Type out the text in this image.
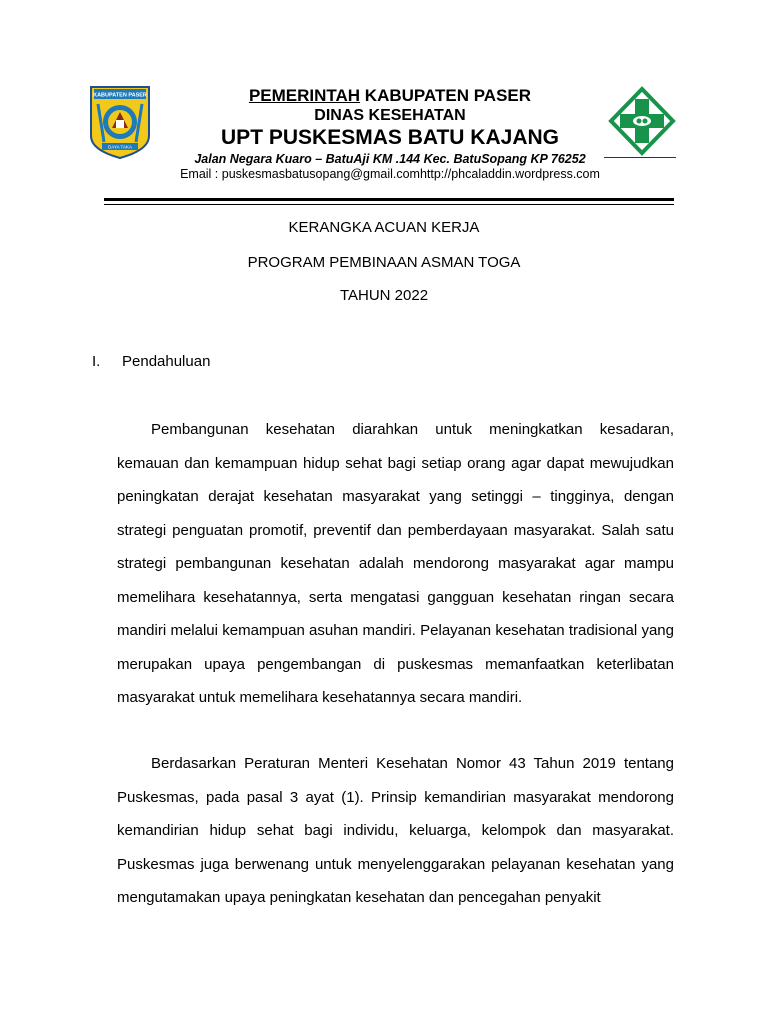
KABUPATEN PASER
DAYA TAKA
PEMERINTAH KABUPATEN PASER
DINAS KESEHATAN
UPT PUSKESMAS BATU KAJANG
Jalan Negara Kuaro – BatuAji KM .144 Kec. BatuSopang KP 76252
Email : puskesmasbatusopang@gmail.comhttp://phcaladdin.wordpress.com
KERANGKA ACUAN KERJA
PROGRAM PEMBINAAN ASMAN TOGA
TAHUN 2022
I. Pendahuluan

Pembangunan kesehatan diarahkan untuk meningkatkan kesadaran, kemauan dan kemampuan hidup sehat bagi setiap orang agar dapat mewujudkan peningkatan derajat kesehatan masyarakat yang setinggi – tingginya, dengan strategi penguatan promotif, preventif dan pemberdayaan masyarakat. Salah satu strategi pembangunan kesehatan adalah mendorong masyarakat agar mampu memelihara kesehatannya, serta mengatasi gangguan kesehatan ringan secara mandiri melalui kemampuan asuhan mandiri. Pelayanan kesehatan tradisional yang merupakan upaya pengembangan di puskesmas memanfaatkan keterlibatan masyarakat untuk memelihara kesehatannya secara mandiri.

Berdasarkan Peraturan Menteri Kesehatan Nomor 43 Tahun 2019 tentang Puskesmas, pada pasal 3 ayat (1). Prinsip kemandirian masyarakat mendorong kemandirian hidup sehat bagi individu, keluarga, kelompok dan masyarakat. Puskesmas juga berwenang untuk menyelenggarakan pelayanan kesehatan yang mengutamakan upaya peningkatan kesehatan dan pencegahan penyakit
